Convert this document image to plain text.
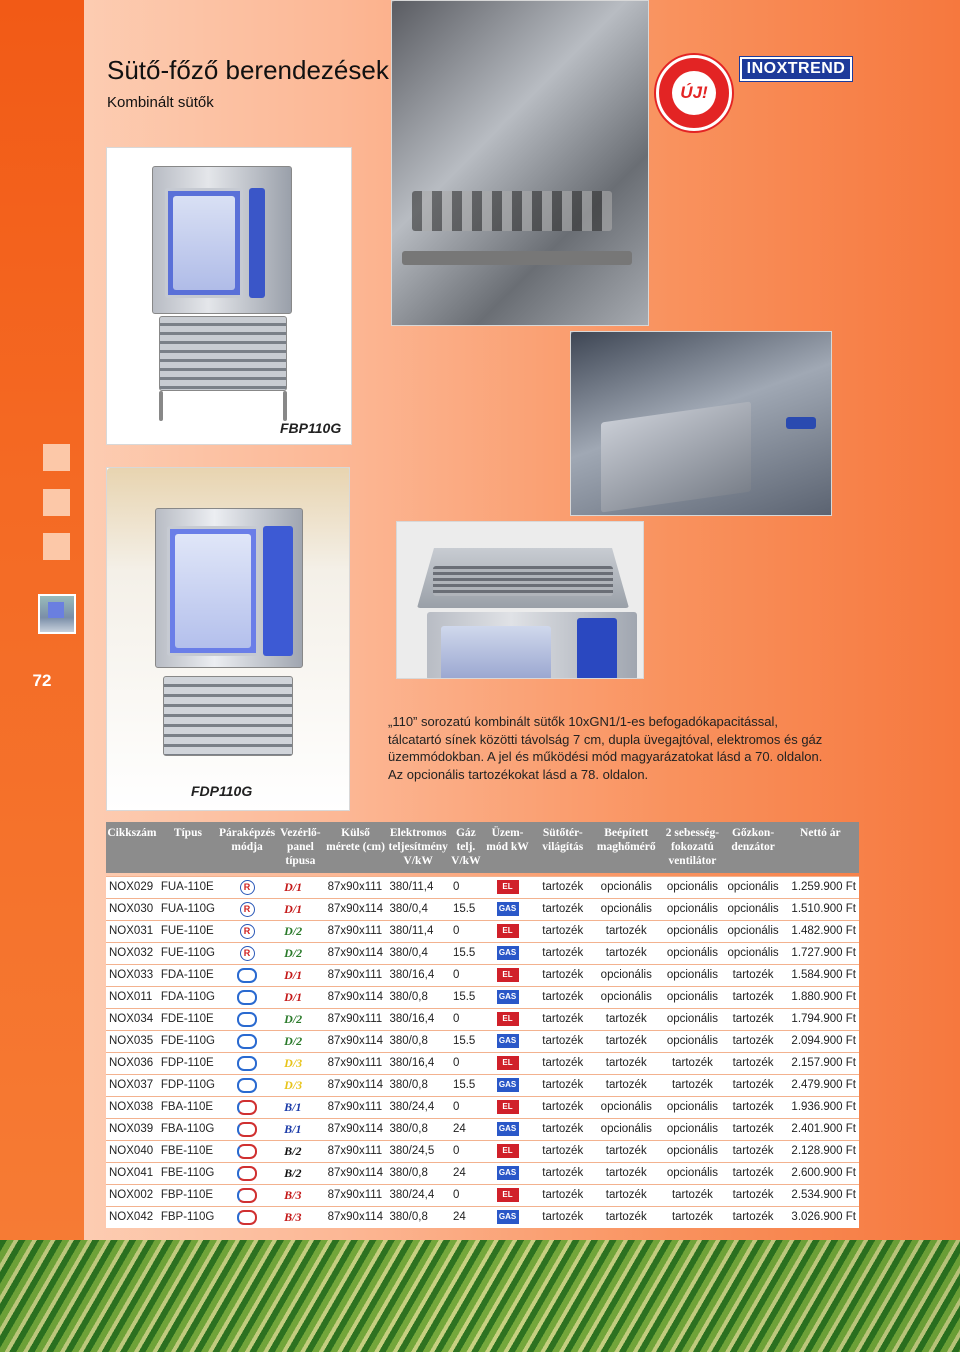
72
Sütő-főző berendezések
Kombinált sütők
ÚJ!
INOXTREND
FBP110G
FDP110G
„110” sorozatú kombinált sütők 10xGN1/1-es befogadókapacitással, tálcatartó sínek közötti távolság 7 cm, dupla üvegajtóval, elektromos és gáz üzemmódokban. A jel és működési mód magyarázatokat lásd a 70. oldalon. Az opcionális tartozékokat lásd a 78. oldalon.
Cikkszám	Típus	Páraképzés módja	Vezérlő-panel típusa	Külső mérete (cm)	Elektromos teljesítmény V/kW	Gáz telj. V/kW	Üzem-mód kW	Sütőtér-világítás	Beépített maghőmérő	2 sebesség-fokozatú ventilátor	Gőzkon-denzátor	Nettó ár

NOX029	FUA-110E	R	D/1	87x90x111	380/11,4	0	EL	tartozék	opcionális	opcionális	opcionális	1.259.900 Ft
NOX030	FUA-110G	R	D/1	87x90x114	380/0,4	15.5	GAS	tartozék	opcionális	opcionális	opcionális	1.510.900 Ft
NOX031	FUE-110E	R	D/2	87x90x111	380/11,4	0	EL	tartozék	tartozék	opcionális	opcionális	1.482.900 Ft
NOX032	FUE-110G	R	D/2	87x90x114	380/0,4	15.5	GAS	tartozék	tartozék	opcionális	opcionális	1.727.900 Ft
NOX033	FDA-110E		D/1	87x90x111	380/16,4	0	EL	tartozék	opcionális	opcionális	tartozék	1.584.900 Ft
NOX011	FDA-110G		D/1	87x90x114	380/0,8	15.5	GAS	tartozék	opcionális	opcionális	tartozék	1.880.900 Ft
NOX034	FDE-110E		D/2	87x90x111	380/16,4	0	EL	tartozék	tartozék	opcionális	tartozék	1.794.900 Ft
NOX035	FDE-110G		D/2	87x90x114	380/0,8	15.5	GAS	tartozék	tartozék	opcionális	tartozék	2.094.900 Ft
NOX036	FDP-110E		D/3	87x90x111	380/16,4	0	EL	tartozék	tartozék	tartozék	tartozék	2.157.900 Ft
NOX037	FDP-110G		D/3	87x90x114	380/0,8	15.5	GAS	tartozék	tartozék	tartozék	tartozék	2.479.900 Ft
NOX038	FBA-110E		B/1	87x90x111	380/24,4	0	EL	tartozék	opcionális	opcionális	tartozék	1.936.900 Ft
NOX039	FBA-110G		B/1	87x90x114	380/0,8	24	GAS	tartozék	opcionális	opcionális	tartozék	2.401.900 Ft
NOX040	FBE-110E		B/2	87x90x111	380/24,5	0	EL	tartozék	tartozék	opcionális	tartozék	2.128.900 Ft
NOX041	FBE-110G		B/2	87x90x114	380/0,8	24	GAS	tartozék	tartozék	opcionális	tartozék	2.600.900 Ft
NOX002	FBP-110E		B/3	87x90x111	380/24,4	0	EL	tartozék	tartozék	tartozék	tartozék	2.534.900 Ft
NOX042	FBP-110G		B/3	87x90x114	380/0,8	24	GAS	tartozék	tartozék	tartozék	tartozék	3.026.900 Ft
